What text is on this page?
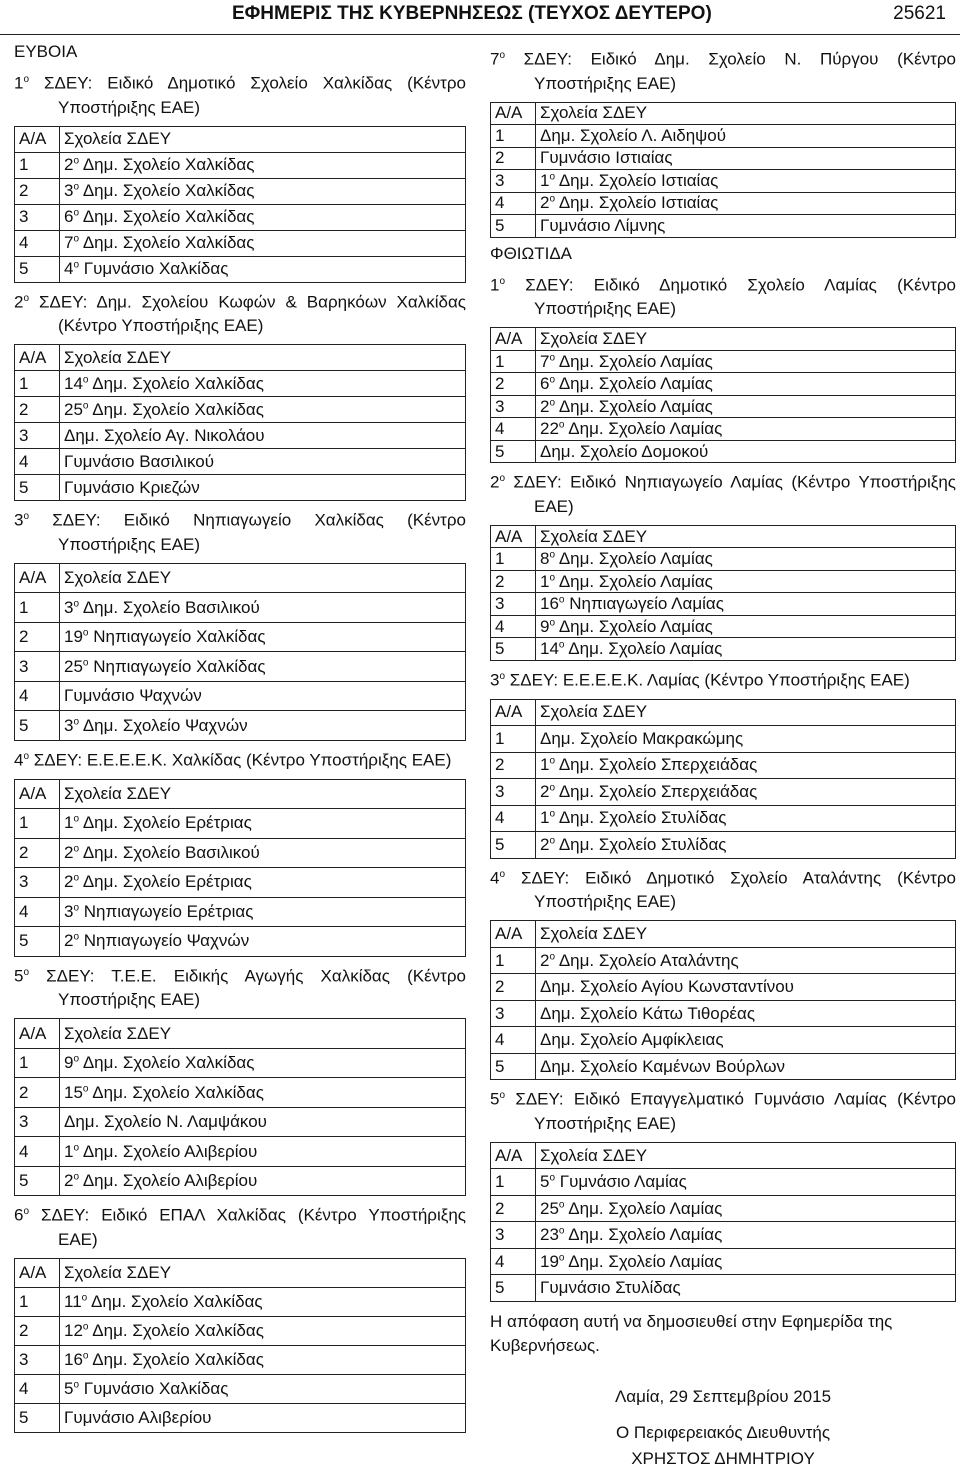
ΕΦΗΜΕΡΙΣ ΤΗΣ ΚΥΒΕΡΝΗΣΕΩΣ (ΤΕΥΧΟΣ ΔΕΥΤΕΡΟ)	25621

ΕΥΒΟΙΑ

$1^o$ ΣΔΕΥ: Ειδικό Δημοτικό Σχολείο Χαλκίδας (Κέντρο Υποστήριξης ΕΑΕ)

Α/Α	Σχολεία ΣΔΕΥ
1	$2^o$ Δημ. Σχολείο Χαλκίδας
2	$3^o$ Δημ. Σχολείο Χαλκίδας
3	$6^o$ Δημ. Σχολείο Χαλκίδας
4	$7^o$ Δημ. Σχολείο Χαλκίδας
5	$4^o$ Γυμνάσιο Χαλκίδας

$2^o$ ΣΔΕΥ: Δημ. Σχολείου Κωφών & Βαρηκόων Χαλκίδας (Κέντρο Υποστήριξης ΕΑΕ)

Α/Α	Σχολεία ΣΔΕΥ
1	$14^o$ Δημ. Σχολείο Χαλκίδας
2	$25^o$ Δημ. Σχολείο Χαλκίδας
3	Δημ. Σχολείο Αγ. Νικολάου
4	Γυμνάσιο Βασιλικού
5	Γυμνάσιο Κριεζών

$3^o$ ΣΔΕΥ: Ειδικό Νηπιαγωγείο Χαλκίδας (Κέντρο Υποστήριξης ΕΑΕ)

Α/Α	Σχολεία ΣΔΕΥ
1	$3^o$ Δημ. Σχολείο Βασιλικού
2	$19^o$ Νηπιαγωγείο Χαλκίδας
3	$25^o$ Νηπιαγωγείο Χαλκίδας
4	Γυμνάσιο Ψαχνών
5	$3^o$ Δημ. Σχολείο Ψαχνών

$4^o$ ΣΔΕΥ: Ε.Ε.Ε.Ε.Κ. Χαλκίδας (Κέντρο Υποστήριξης ΕΑΕ)

Α/Α	Σχολεία ΣΔΕΥ
1	$1^o$ Δημ. Σχολείο Ερέτριας
2	$2^o$ Δημ. Σχολείο Βασιλικού
3	$2^o$ Δημ. Σχολείο Ερέτριας
4	$3^o$ Νηπιαγωγείο Ερέτριας
5	$2^o$ Νηπιαγωγείο Ψαχνών

$5^o$ ΣΔΕΥ: Τ.Ε.Ε. Ειδικής Αγωγής Χαλκίδας (Κέντρο Υποστήριξης ΕΑΕ)

Α/Α	Σχολεία ΣΔΕΥ
1	$9^o$ Δημ. Σχολείο Χαλκίδας
2	$15^o$ Δημ. Σχολείο Χαλκίδας
3	Δημ. Σχολείο Ν. Λαμψάκου
4	$1^o$ Δημ. Σχολείο Αλιβερίου
5	$2^o$ Δημ. Σχολείο Αλιβερίου

$6^o$ ΣΔΕΥ: Ειδικό ΕΠΑΛ Χαλκίδας (Κέντρο Υποστήριξης ΕΑΕ)

Α/Α	Σχολεία ΣΔΕΥ
1	$11^o$ Δημ. Σχολείο Χαλκίδας
2	$12^o$ Δημ. Σχολείο Χαλκίδας
3	$16^o$ Δημ. Σχολείο Χαλκίδας
4	$5^o$ Γυμνάσιο Χαλκίδας
5	Γυμνάσιο Αλιβερίου

$7^o$ ΣΔΕΥ: Ειδικό Δημ. Σχολείο Ν. Πύργου (Κέντρο Υποστήριξης ΕΑΕ)

Α/Α	Σχολεία ΣΔΕΥ
1	Δημ. Σχολείο Λ. Αιδηψού
2	Γυμνάσιο Ιστιαίας
3	$1^o$ Δημ. Σχολείο Ιστιαίας
4	$2^o$ Δημ. Σχολείο Ιστιαίας
5	Γυμνάσιο Λίμνης

ΦΘΙΩΤΙΔΑ

$1^o$ ΣΔΕΥ: Ειδικό Δημοτικό Σχολείο Λαμίας (Κέντρο Υποστήριξης ΕΑΕ)

Α/Α	Σχολεία ΣΔΕΥ
1	$7^o$ Δημ. Σχολείο Λαμίας
2	$6^o$ Δημ. Σχολείο Λαμίας
3	$2^o$ Δημ. Σχολείο Λαμίας
4	$22^o$ Δημ. Σχολείο Λαμίας
5	Δημ. Σχολείο Δομοκού

$2^o$ ΣΔΕΥ: Ειδικό Νηπιαγωγείο Λαμίας (Κέντρο Υποστήριξης ΕΑΕ)

Α/Α	Σχολεία ΣΔΕΥ
1	$8^o$ Δημ. Σχολείο Λαμίας
2	$1^o$ Δημ. Σχολείο Λαμίας
3	$16^o$ Νηπιαγωγείο Λαμίας
4	$9^o$ Δημ. Σχολείο Λαμίας
5	$14^o$ Δημ. Σχολείο Λαμίας

$3^o$ ΣΔΕΥ: Ε.Ε.Ε.Ε.Κ. Λαμίας (Κέντρο Υποστήριξης ΕΑΕ)

Α/Α	Σχολεία ΣΔΕΥ
1	Δημ. Σχολείο Μακρακώμης
2	$1^o$ Δημ. Σχολείο Σπερχειάδας
3	$2^o$ Δημ. Σχολείο Σπερχειάδας
4	$1^o$ Δημ. Σχολείο Στυλίδας
5	$2^o$ Δημ. Σχολείο Στυλίδας

$4^o$ ΣΔΕΥ: Ειδικό Δημοτικό Σχολείο Αταλάντης (Κέντρο Υποστήριξης ΕΑΕ)

Α/Α	Σχολεία ΣΔΕΥ
1	$2^o$ Δημ. Σχολείο Αταλάντης
2	Δημ. Σχολείο Αγίου Κωνσταντίνου
3	Δημ. Σχολείο Κάτω Τιθορέας
4	Δημ. Σχολείο Αμφίκλειας
5	Δημ. Σχολείο Καμένων Βούρλων

$5^o$ ΣΔΕΥ: Ειδικό Επαγγελματικό Γυμνάσιο Λαμίας (Κέντρο Υποστήριξης ΕΑΕ)

Α/Α	Σχολεία ΣΔΕΥ
1	$5^o$ Γυμνάσιο Λαμίας
2	$25^o$ Δημ. Σχολείο Λαμίας
3	$23^o$ Δημ. Σχολείο Λαμίας
4	$19^o$ Δημ. Σχολείο Λαμίας
5	Γυμνάσιο Στυλίδας

Η απόφαση αυτή να δημοσιευθεί στην Εφημερίδα της Κυβερνήσεως.

Λαμία, 29 Σεπτεμβρίου 2015

Ο Περιφερειακός Διευθυντής

ΧΡΗΣΤΟΣ ΔΗΜΗΤΡΙΟΥ
